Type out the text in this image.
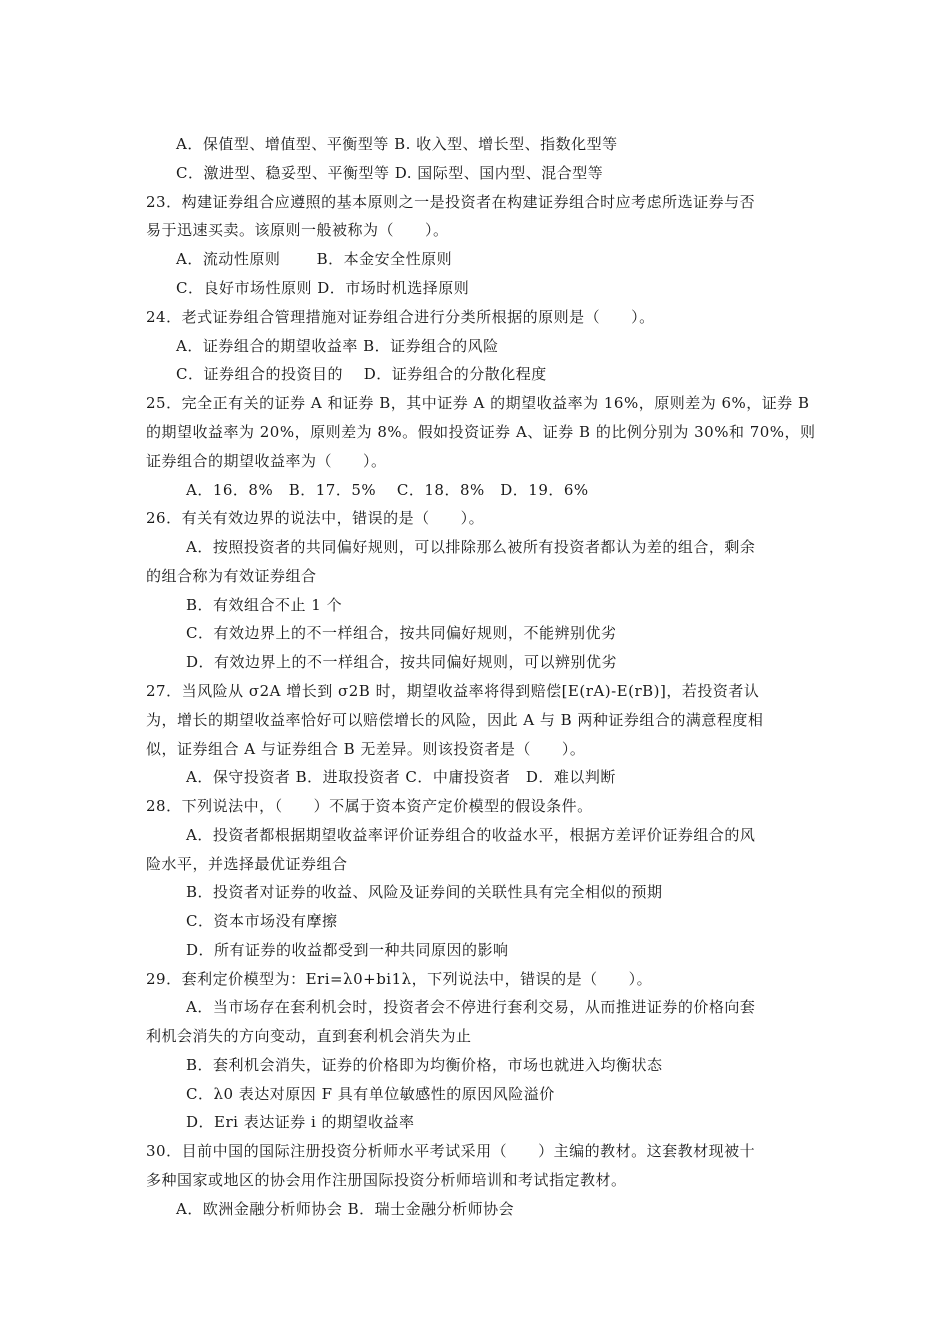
A．保值型、增值型、平衡型等 B. 收入型、增长型、指数化型等
C．激进型、稳妥型、平衡型等 D. 国际型、国内型、混合型等
23．构建证券组合应遵照的基本原则之一是投资者在构建证券组合时应考虑所选证券与否
易于迅速买卖。该原则一般被称为（　　）。
A．流动性原则　　 B．本金安全性原则
C．良好市场性原则 D．市场时机选择原则
24．老式证券组合管理措施对证券组合进行分类所根据的原则是（　　）。
A．证券组合的期望收益率 B．证券组合的风险
C．证券组合的投资目的　 D．证券组合的分散化程度
25．完全正有关的证券 A 和证券 B，其中证券 A 的期望收益率为 16%，原则差为 6%，证券 B
的期望收益率为 20%，原则差为 8%。假如投资证券 A、证券 B 的比例分别为 30%和 70%，则
证券组合的期望收益率为（　　）。
A．16．8%　B．17．5%　 C．18．8%　D．19．6%
26．有关有效边界的说法中，错误的是（　　）。
A．按照投资者的共同偏好规则，可以排除那么被所有投资者都认为差的组合，剩余
的组合称为有效证券组合
B．有效组合不止 1 个
C．有效边界上的不一样组合，按共同偏好规则，不能辨别优劣
D．有效边界上的不一样组合，按共同偏好规则，可以辨别优劣
27．当风险从 σ2A 增长到 σ2B 时，期望收益率将得到赔偿[E(rA)-E(rB)]，若投资者认
为，增长的期望收益率恰好可以赔偿增长的风险，因此 A 与 B 两种证券组合的满意程度相
似，证券组合 A 与证券组合 B 无差异。则该投资者是（　　）。
A．保守投资者 B．进取投资者 C．中庸投资者　D．难以判断
28．下列说法中，（　　）不属于资本资产定价模型的假设条件。
A．投资者都根据期望收益率评价证券组合的收益水平，根据方差评价证券组合的风
险水平，并选择最优证券组合
B．投资者对证券的收益、风险及证券间的关联性具有完全相似的预期
C．资本市场没有摩擦
D．所有证券的收益都受到一种共同原因的影响
29．套利定价模型为：Eri=λ0+bi1λ，下列说法中，错误的是（　　）。
A．当市场存在套利机会时，投资者会不停进行套利交易，从而推进证券的价格向套
利机会消失的方向变动，直到套利机会消失为止
B．套利机会消失，证券的价格即为均衡价格，市场也就进入均衡状态
C．λ0 表达对原因 F 具有单位敏感性的原因风险溢价
D．Eri 表达证券 i 的期望收益率
30．目前中国的国际注册投资分析师水平考试采用（　　）主编的教材。这套教材现被十
多种国家或地区的协会用作注册国际投资分析师培训和考试指定教材。
A．欧洲金融分析师协会 B．瑞士金融分析师协会
